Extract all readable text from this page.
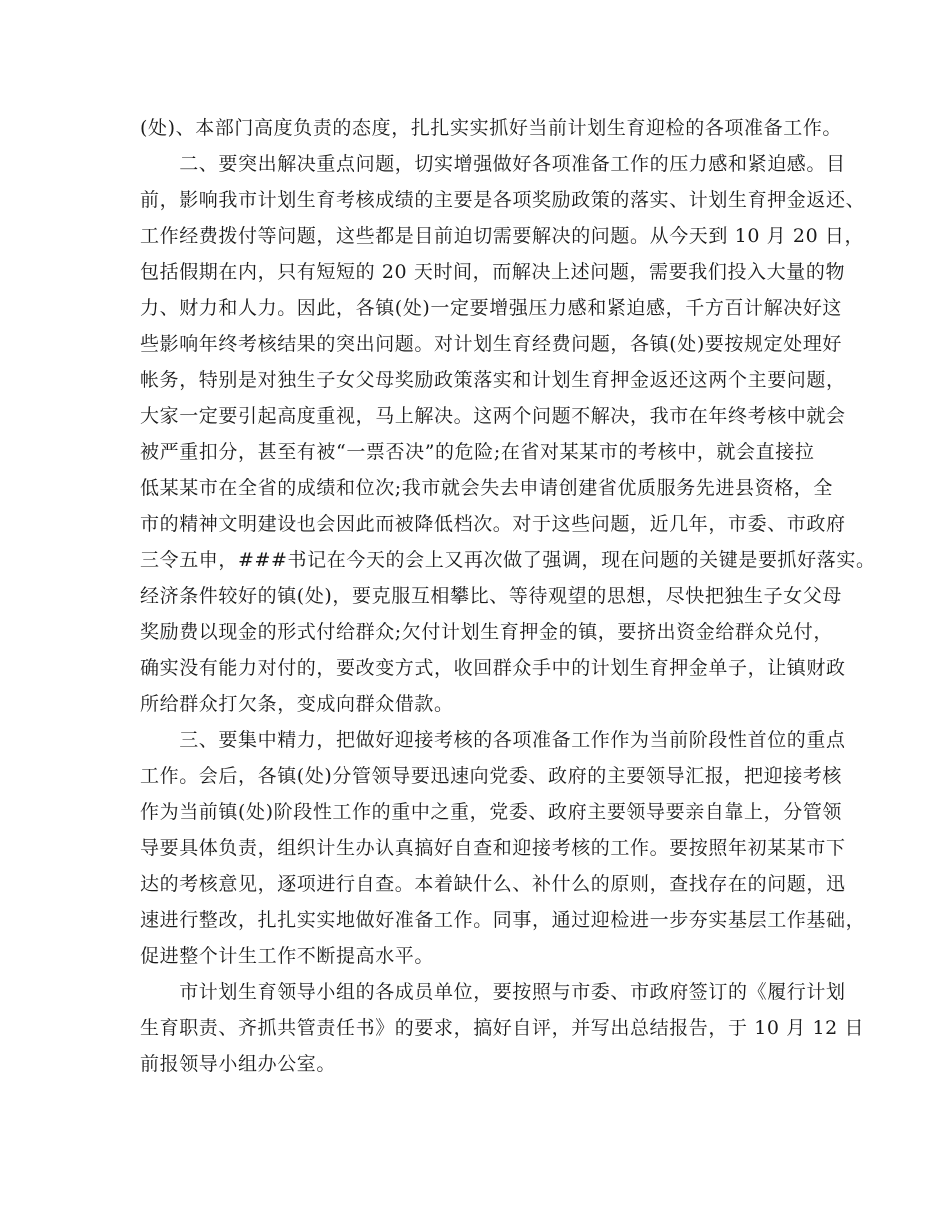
(处)、本部门高度负责的态度，扎扎实实抓好当前计划生育迎检的各项准备工作。
　　二、要突出解决重点问题，切实增强做好各项准备工作的压力感和紧迫感。目
前，影响我市计划生育考核成绩的主要是各项奖励政策的落实、计划生育押金返还、
工作经费拨付等问题，这些都是目前迫切需要解决的问题。从今天到 10 月 20 日，
包括假期在内，只有短短的 20 天时间，而解决上述问题，需要我们投入大量的物
力、财力和人力。因此，各镇(处)一定要增强压力感和紧迫感，千方百计解决好这
些影响年终考核结果的突出问题。对计划生育经费问题，各镇(处)要按规定处理好
帐务，特别是对独生子女父母奖励政策落实和计划生育押金返还这两个主要问题，
大家一定要引起高度重视，马上解决。这两个问题不解决，我市在年终考核中就会
被严重扣分，甚至有被“一票否决”的危险;在省对某某市的考核中，就会直接拉
低某某市在全省的成绩和位次;我市就会失去申请创建省优质服务先进县资格，全
市的精神文明建设也会因此而被降低档次。对于这些问题，近几年，市委、市政府
三令五申，###书记在今天的会上又再次做了强调，现在问题的关键是要抓好落实。
经济条件较好的镇(处)，要克服互相攀比、等待观望的思想，尽快把独生子女父母
奖励费以现金的形式付给群众;欠付计划生育押金的镇，要挤出资金给群众兑付，
确实没有能力对付的，要改变方式，收回群众手中的计划生育押金单子，让镇财政
所给群众打欠条，变成向群众借款。
　　三、要集中精力，把做好迎接考核的各项准备工作作为当前阶段性首位的重点
工作。会后，各镇(处)分管领导要迅速向党委、政府的主要领导汇报，把迎接考核
作为当前镇(处)阶段性工作的重中之重，党委、政府主要领导要亲自靠上，分管领
导要具体负责，组织计生办认真搞好自查和迎接考核的工作。要按照年初某某市下
达的考核意见，逐项进行自查。本着缺什么、补什么的原则，查找存在的问题，迅
速进行整改，扎扎实实地做好准备工作。同事，通过迎检进一步夯实基层工作基础，
促进整个计生工作不断提高水平。
　　市计划生育领导小组的各成员单位，要按照与市委、市政府签订的《履行计划
生育职责、齐抓共管责任书》的要求，搞好自评，并写出总结报告，于 10 月 12 日
前报领导小组办公室。
